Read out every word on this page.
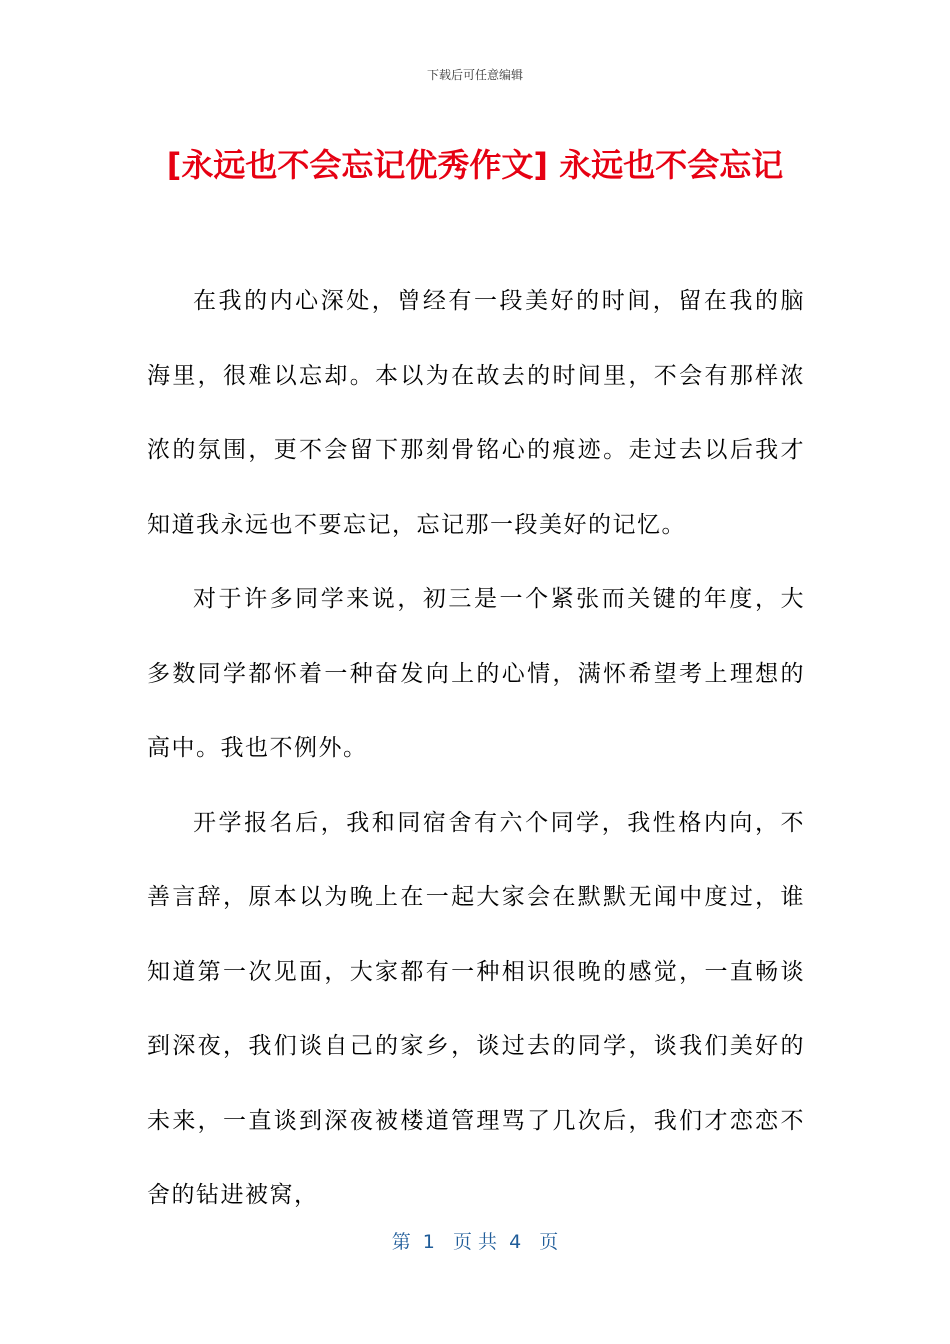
下载后可任意编辑
[永远也不会忘记优秀作文] 永远也不会忘记

在我的内心深处，曾经有一段美好的时间，留在我的脑海里，很难以忘却。本以为在故去的时间里，不会有那样浓浓的氛围，更不会留下那刻骨铭心的痕迹。走过去以后我才知道我永远也不要忘记，忘记那一段美好的记忆。

对于许多同学来说，初三是一个紧张而关键的年度，大多数同学都怀着一种奋发向上的心情，满怀希望考上理想的高中。我也不例外。

开学报名后，我和同宿舍有六个同学，我性格内向，不善言辞，原本以为晚上在一起大家会在默默无闻中度过，谁知道第一次见面，大家都有一种相识很晚的感觉，一直畅谈到深夜，我们谈自己的家乡，谈过去的同学，谈我们美好的未来，一直谈到深夜被楼道管理骂了几次后，我们才恋恋不舍的钻进被窝，

第  1   页 共  4   页
